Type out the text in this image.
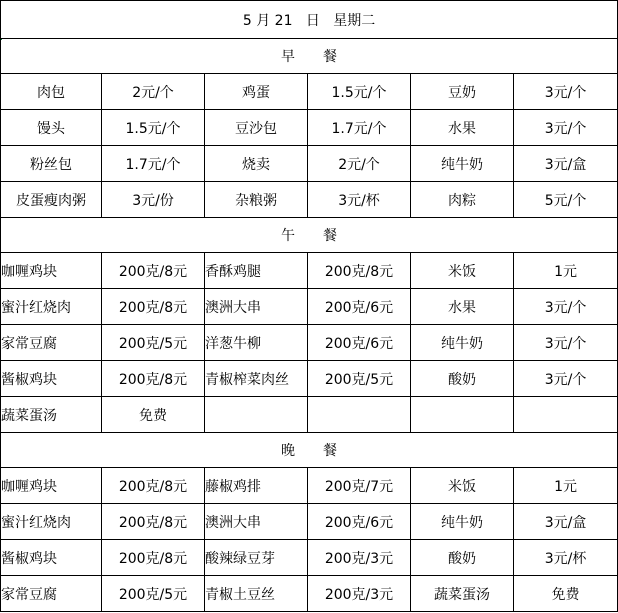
5 月 21 日 星期二					
早　　餐					
肉包	2元/个	鸡蛋	1.5元/个	豆奶	3元/个
馒头	1.5元/个	豆沙包	1.7元/个	水果	3元/个
粉丝包	1.7元/个	烧卖	2元/个	纯牛奶	3元/盒
皮蛋瘦肉粥	3元/份	杂粮粥	3元/杯	肉粽	5元/个
午　　餐					
咖喱鸡块	200克/8元	香酥鸡腿	200克/8元	米饭	1元
蜜汁红烧肉	200克/8元	澳洲大串	200克/6元	水果	3元/个
家常豆腐	200克/5元	洋葱牛柳	200克/6元	纯牛奶	3元/个
酱椒鸡块	200克/8元	青椒榨菜肉丝	200克/5元	酸奶	3元/个
蔬菜蛋汤	免费				
晚　　餐					
咖喱鸡块	200克/8元	藤椒鸡排	200克/7元	米饭	1元
蜜汁红烧肉	200克/8元	澳洲大串	200克/6元	纯牛奶	3元/盒
酱椒鸡块	200克/8元	酸辣绿豆芽	200克/3元	酸奶	3元/杯
家常豆腐	200克/5元	青椒土豆丝	200克/3元	蔬菜蛋汤	免费
